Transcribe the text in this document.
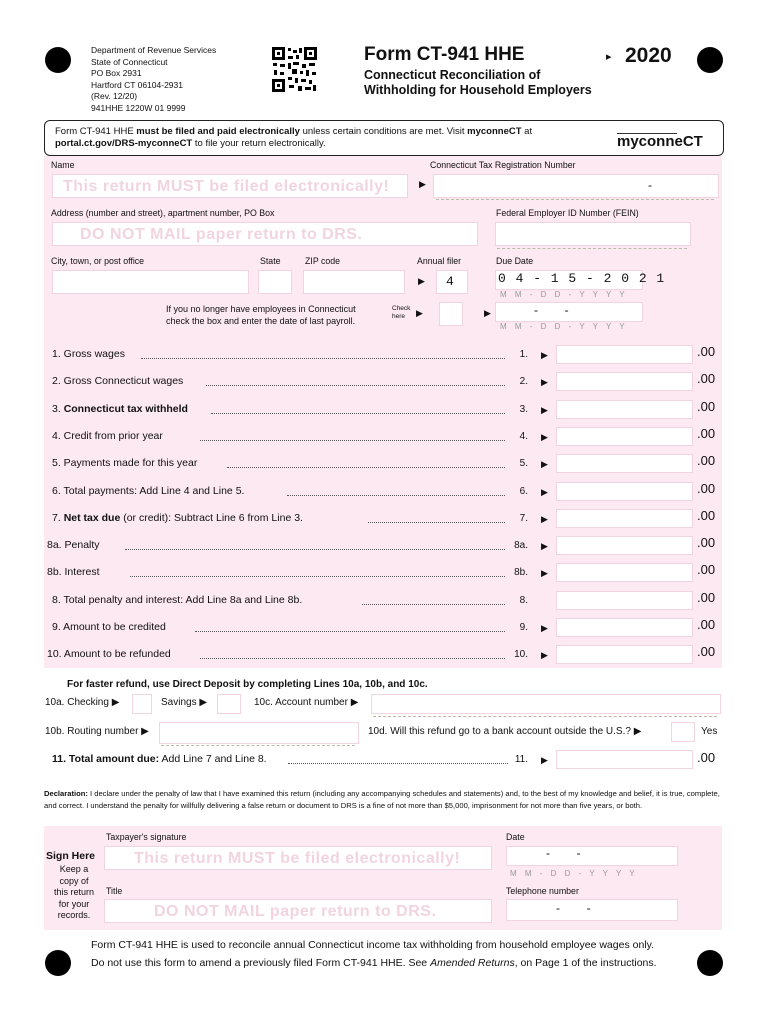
Department of Revenue Services
State of Connecticut
PO Box 2931
Hartford CT 06104-2931
(Rev. 12/20)
941HHE 1220W 01 9999
Form CT-941 HHE	▸ 2020
Connecticut Reconciliation of
Withholding for Household Employers
Form CT-941 HHE must be filed and paid electronically unless certain conditions are met. Visit myconneCT at
portal.ct.gov/DRS-myconneCT to file your return electronically.
	myconneCT
Name
This return MUST be filed electronically!
Connecticut Tax Registration Number
▶	-
Address (number and street), apartment number, PO Box
DO NOT MAIL paper return to DRS.
Federal Employer ID Number (FEIN)
City, town, or post office	State	ZIP code	Annual filer
▶ 4
Due Date
0 4 - 1 5 - 2 0 2 1
M M - D D - Y Y Y Y
If you no longer have employees in Connecticut
check the box and enter the date of last payroll.
Check here	▶	▶	-        -
M M - D D - Y Y Y Y
1. Gross wages	1. ▶	.00
2. Gross Connecticut wages	2. ▶	.00
3. Connecticut tax withheld	3. ▶	.00
4. Credit from prior year	4. ▶	.00
5. Payments made for this year	5. ▶	.00
6. Total payments: Add Line 4 and Line 5.	6. ▶	.00
7. Net tax due (or credit): Subtract Line 6 from Line 3.	7. ▶	.00
8a. Penalty	8a. ▶	.00
8b. Interest	8b. ▶	.00
8. Total penalty and interest: Add Line 8a and Line 8b.	8.	.00
9. Amount to be credited	9. ▶	.00
10. Amount to be refunded	10. ▶	.00
For faster refund, use Direct Deposit by completing Lines 10a, 10b, and 10c.
10a. Checking ▶	Savings ▶	10c. Account number ▶
10b. Routing number ▶	10d. Will this refund go to a bank account outside the U.S.? ▶	Yes
11. Total amount due: Add Line 7 and Line 8.	11. ▶	.00
Declaration: I declare under the penalty of law that I have examined this return (including any accompanying schedules and statements) and, to the best of my knowledge and belief, it is true, complete, and correct. I understand the penalty for willfully delivering a false return or document to DRS is a fine of not more than $5,000, imprisonment for not more than five years, or both.
Taxpayer's signature
Sign Here
Keep a
copy of
this return
for your
records.
This return MUST be filed electronically!
Title
DO NOT MAIL paper return to DRS.
Date
-        -
M M - D D - Y Y Y Y
Telephone number
-        -
Form CT-941 HHE is used to reconcile annual Connecticut income tax withholding from household employee wages only.
Do not use this form to amend a previously filed Form CT-941 HHE. See Amended Returns, on Page 1 of the instructions.
